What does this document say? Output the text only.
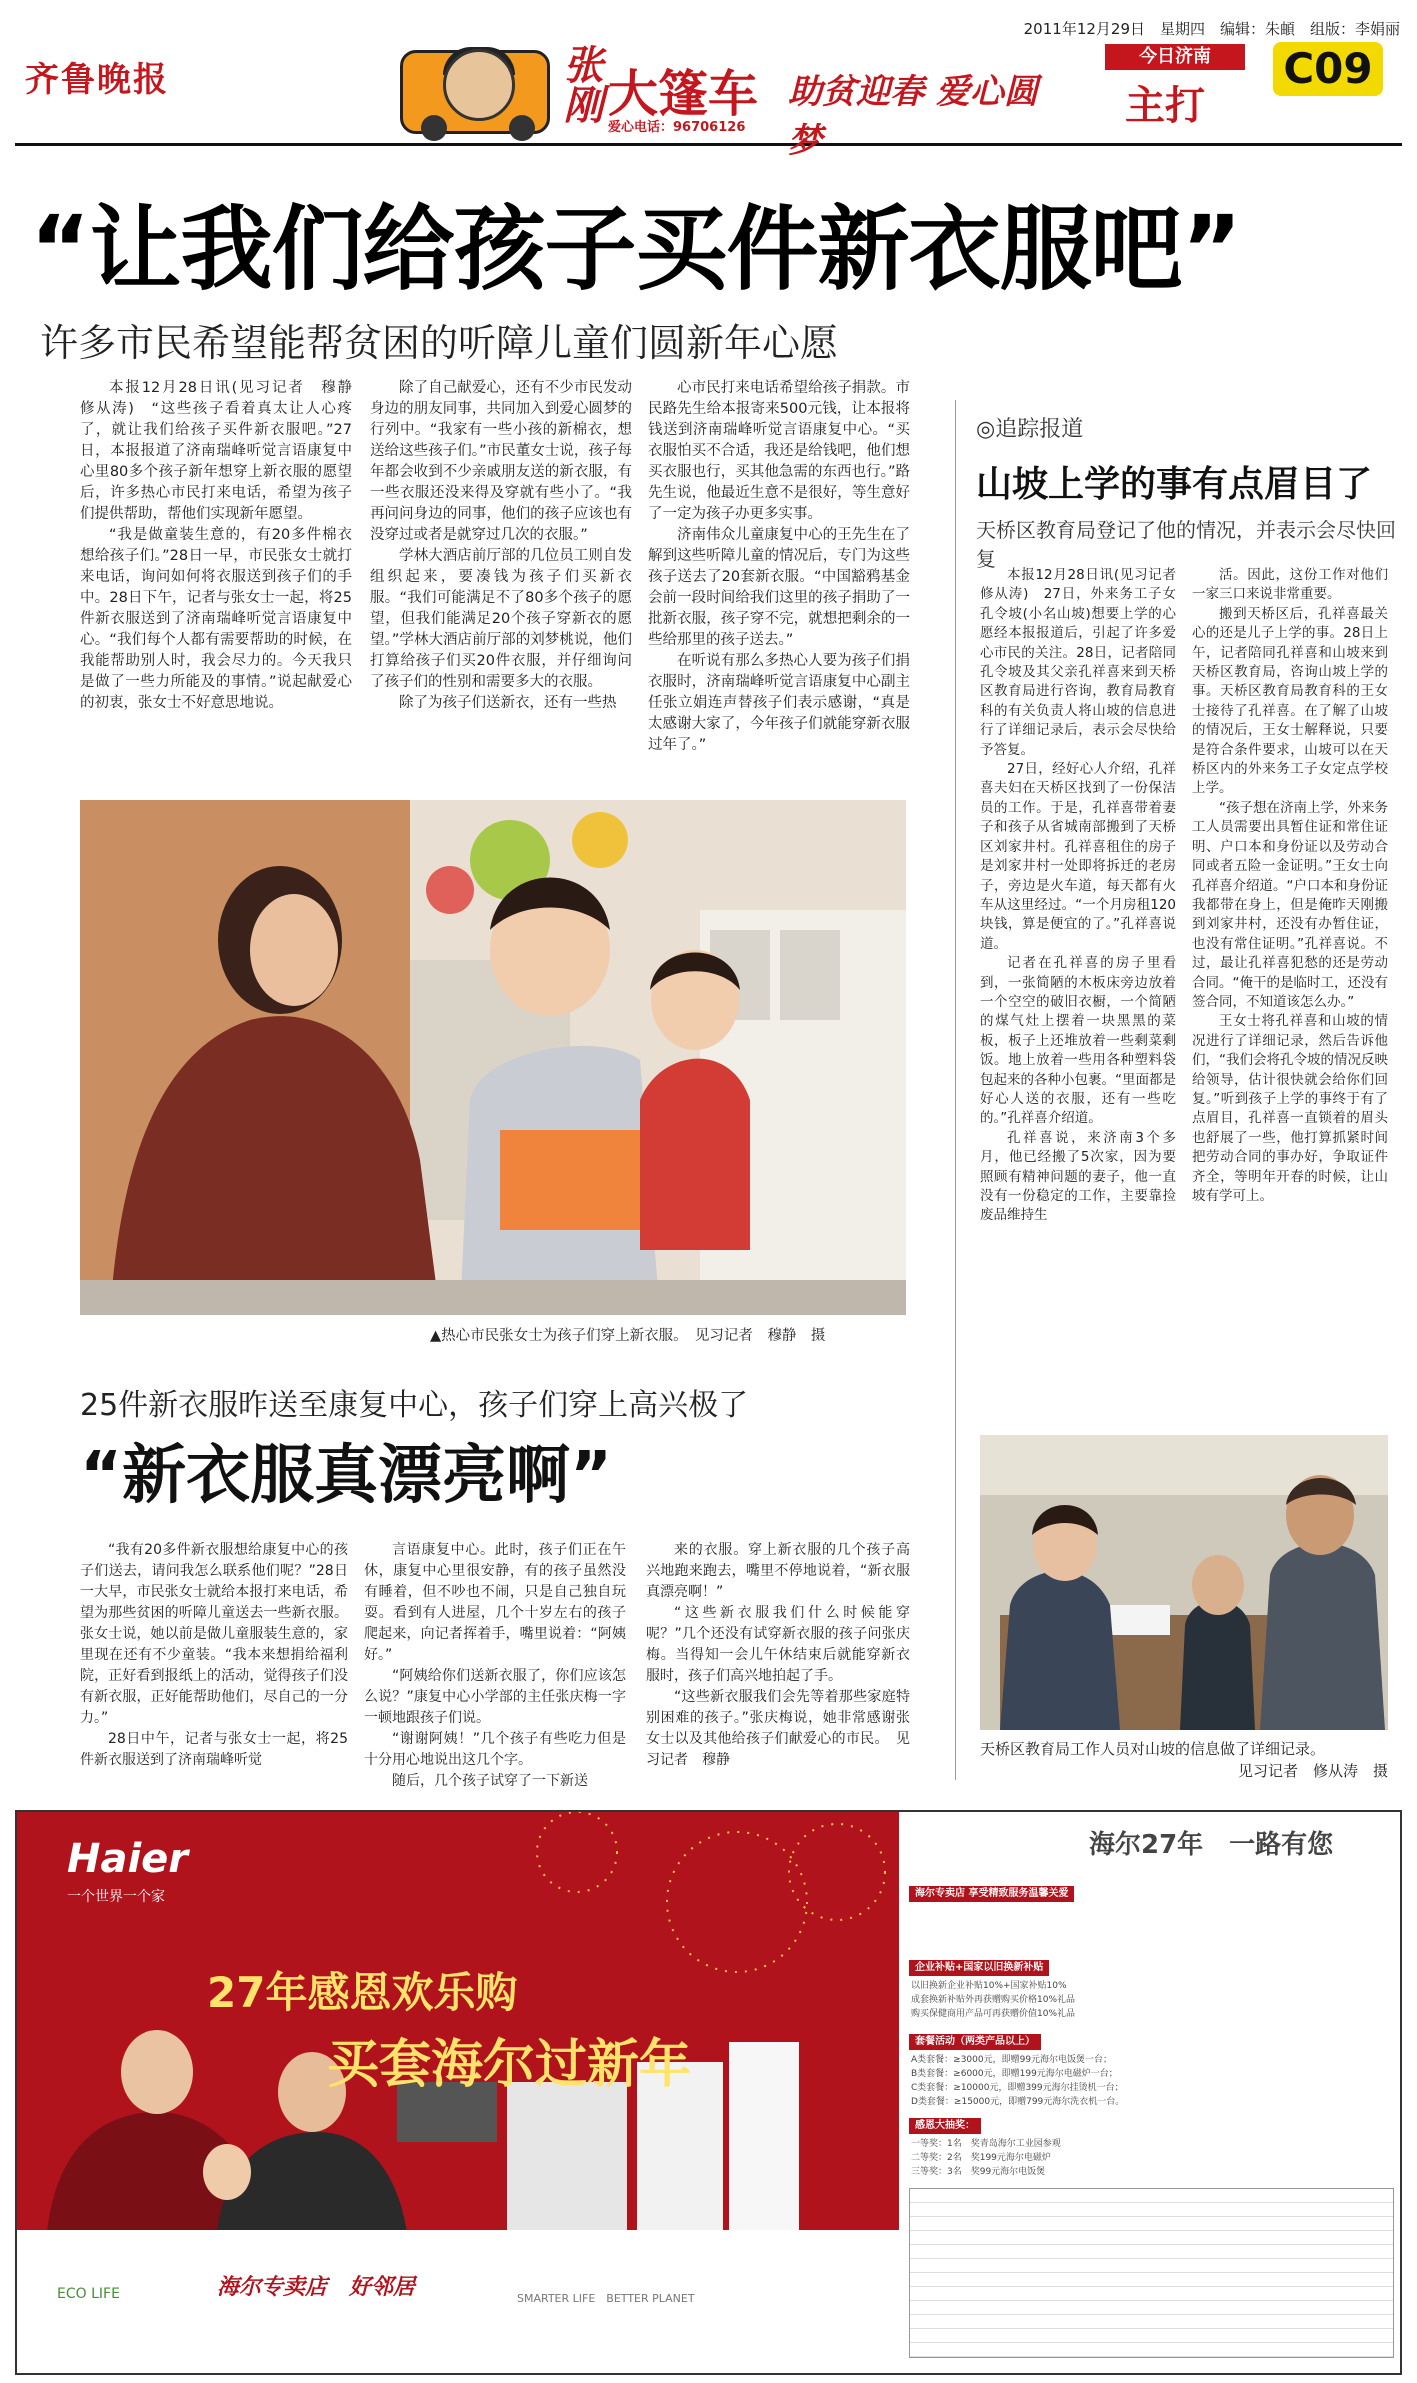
2011年12月29日　星期四　编辑：朱頔　组版：李娟丽
齐鲁晚报	张刚 大篷车
爱心电话：96706126
助贫迎春 爱心圆梦
今日济南
主打
C09
“让我们给孩子买件新衣服吧”
许多市民希望能帮贫困的听障儿童们圆新年心愿

本报12月28日讯(见习记者　穆静　修从涛)　“这些孩子看着真太让人心疼了，就让我们给孩子买件新衣服吧。”27日，本报报道了济南瑞峰听觉言语康复中心里80多个孩子新年想穿上新衣服的愿望后，许多热心市民打来电话，希望为孩子们提供帮助，帮他们实现新年愿望。

“我是做童装生意的，有20多件棉衣想给孩子们。”28日一早，市民张女士就打来电话，询问如何将衣服送到孩子们的手中。28日下午，记者与张女士一起，将25件新衣服送到了济南瑞峰听觉言语康复中心。“我们每个人都有需要帮助的时候，在我能帮助别人时，我会尽力的。今天我只是做了一些力所能及的事情。”说起献爱心的初衷，张女士不好意思地说。

除了自己献爱心，还有不少市民发动身边的朋友同事，共同加入到爱心圆梦的行列中。“我家有一些小孩的新棉衣，想送给这些孩子们。”市民董女士说，孩子每年都会收到不少亲戚朋友送的新衣服，有一些衣服还没来得及穿就有些小了。“我再问问身边的同事，他们的孩子应该也有没穿过或者是就穿过几次的衣服。”

学林大酒店前厅部的几位员工则自发组织起来，要凑钱为孩子们买新衣服。“我们可能满足不了80多个孩子的愿望，但我们能满足20个孩子穿新衣的愿望。”学林大酒店前厅部的刘梦桃说，他们打算给孩子们买20件衣服，并仔细询问了孩子们的性别和需要多大的衣服。

除了为孩子们送新衣，还有一些热

心市民打来电话希望给孩子捐款。市民路先生给本报寄来500元钱，让本报将钱送到济南瑞峰听觉言语康复中心。“买衣服怕买不合适，我还是给钱吧，他们想买衣服也行，买其他急需的东西也行。”路先生说，他最近生意不是很好，等生意好了一定为孩子办更多实事。

济南伟众儿童康复中心的王先生在了解到这些听障儿童的情况后，专门为这些孩子送去了20套新衣服。“中国豁鸦基金会前一段时间给我们这里的孩子捐助了一批新衣服，孩子穿不完，就想把剩余的一些给那里的孩子送去。”

在听说有那么多热心人要为孩子们捐衣服时，济南瑞峰听觉言语康复中心副主任张立娟连声替孩子们表示感谢，“真是太感谢大家了，今年孩子们就能穿新衣服过年了。”

▲热心市民张女士为孩子们穿上新衣服。　见习记者　穆静　摄
25件新衣服昨送至康复中心，孩子们穿上高兴极了
“新衣服真漂亮啊”

“我有20多件新衣服想给康复中心的孩子们送去，请问我怎么联系他们呢？”28日一大早，市民张女士就给本报打来电话，希望为那些贫困的听障儿童送去一些新衣服。张女士说，她以前是做儿童服装生意的，家里现在还有不少童装。“我本来想捐给福利院，正好看到报纸上的活动，觉得孩子们没有新衣服，正好能帮助他们，尽自己的一分力。”

28日中午，记者与张女士一起，将25件新衣服送到了济南瑞峰听觉

言语康复中心。此时，孩子们正在午休，康复中心里很安静，有的孩子虽然没有睡着，但不吵也不闹，只是自己独自玩耍。看到有人进屋，几个十岁左右的孩子爬起来，向记者挥着手，嘴里说着：“阿姨好。”

“阿姨给你们送新衣服了，你们应该怎么说？”康复中心小学部的主任张庆梅一字一顿地跟孩子们说。

“谢谢阿姨！”几个孩子有些吃力但是十分用心地说出这几个字。

随后，几个孩子试穿了一下新送

来的衣服。穿上新衣服的几个孩子高兴地跑来跑去，嘴里不停地说着，“新衣服真漂亮啊！”

“这些新衣服我们什么时候能穿呢？”几个还没有试穿新衣服的孩子问张庆梅。当得知一会儿午休结束后就能穿新衣服时，孩子们高兴地拍起了手。

“这些新衣服我们会先等着那些家庭特别困难的孩子。”张庆梅说，她非常感谢张女士以及其他给孩子们献爱心的市民。　见习记者　穆静

◎追踪报道
山坡上学的事有点眉目了
天桥区教育局登记了他的情况，并表示会尽快回复

本报12月28日讯(见习记者　修从涛)　27日，外来务工子女孔令坡(小名山坡)想要上学的心愿经本报报道后，引起了许多爱心市民的关注。28日，记者陪同孔令坡及其父亲孔祥喜来到天桥区教育局进行咨询，教育局教育科的有关负责人将山坡的信息进行了详细记录后，表示会尽快给予答复。

27日，经好心人介绍，孔祥喜夫妇在天桥区找到了一份保洁员的工作。于是，孔祥喜带着妻子和孩子从省城南部搬到了天桥区刘家井村。孔祥喜租住的房子是刘家井村一处即将拆迁的老房子，旁边是火车道，每天都有火车从这里经过。“一个月房租120块钱，算是便宜的了。”孔祥喜说道。

记者在孔祥喜的房子里看到，一张简陋的木板床旁边放着一个空空的破旧衣橱，一个简陋的煤气灶上摆着一块黑黑的菜板，板子上还堆放着一些剩菜剩饭。地上放着一些用各种塑料袋包起来的各种小包裹。“里面都是好心人送的衣服，还有一些吃的。”孔祥喜介绍道。

孔祥喜说，来济南3个多月，他已经搬了5次家，因为要照顾有精神问题的妻子，他一直没有一份稳定的工作，主要靠捡废品维持生

活。因此，这份工作对他们一家三口来说非常重要。

搬到天桥区后，孔祥喜最关心的还是儿子上学的事。28日上午，记者陪同孔祥喜和山坡来到天桥区教育局，咨询山坡上学的事。天桥区教育局教育科的王女士接待了孔祥喜。在了解了山坡的情况后，王女士解释说，只要是符合条件要求，山坡可以在天桥区内的外来务工子女定点学校上学。

“孩子想在济南上学，外来务工人员需要出具暂住证和常住证明、户口本和身份证以及劳动合同或者五险一金证明。”王女士向孔祥喜介绍道。“户口本和身份证我都带在身上，但是俺昨天刚搬到刘家井村，还没有办暂住证，也没有常住证明。”孔祥喜说。不过，最让孔祥喜犯愁的还是劳动合同。“俺干的是临时工，还没有签合同，不知道该怎么办。”

王女士将孔祥喜和山坡的情况进行了详细记录，然后告诉他们，“我们会将孔令坡的情况反映给领导，估计很快就会给你们回复。”听到孩子上学的事终于有了点眉目，孔祥喜一直锁着的眉头也舒展了一些，他打算抓紧时间把劳动合同的事办好，争取证件齐全，等明年开春的时候，让山坡有学可上。

天桥区教育局工作人员对山坡的信息做了详细记录。
见习记者　修从涛　摄
Haier
一个世界一个家
27年感恩欢乐购
买套海尔过新年
ECO LIFE	海尔专卖店　好邻居	SMARTER LIFE　BETTER PLANET
海尔27年　一路有您
海尔专卖店 享受精致服务温馨关爱
企业补贴+国家以旧换新补贴
以旧换新企业补贴10%+国家补贴10%
成套换新补贴外再获赠购买价格10%礼品
购买保健商用产品可再获赠价值10%礼品
套餐活动（两类产品以上）
A类套餐：≥3000元，即赠99元海尔电饭煲一台；
B类套餐：≥6000元，即赠199元海尔电磁炉一台；
C类套餐：≥10000元，即赠399元海尔挂烫机一台；
D类套餐：≥15000元，即赠799元海尔洗衣机一台。
感恩大抽奖：
一等奖：1名　奖青岛海尔工业园参观
二等奖：2名　奖199元海尔电磁炉
三等奖：3名　奖99元海尔电饭煲
